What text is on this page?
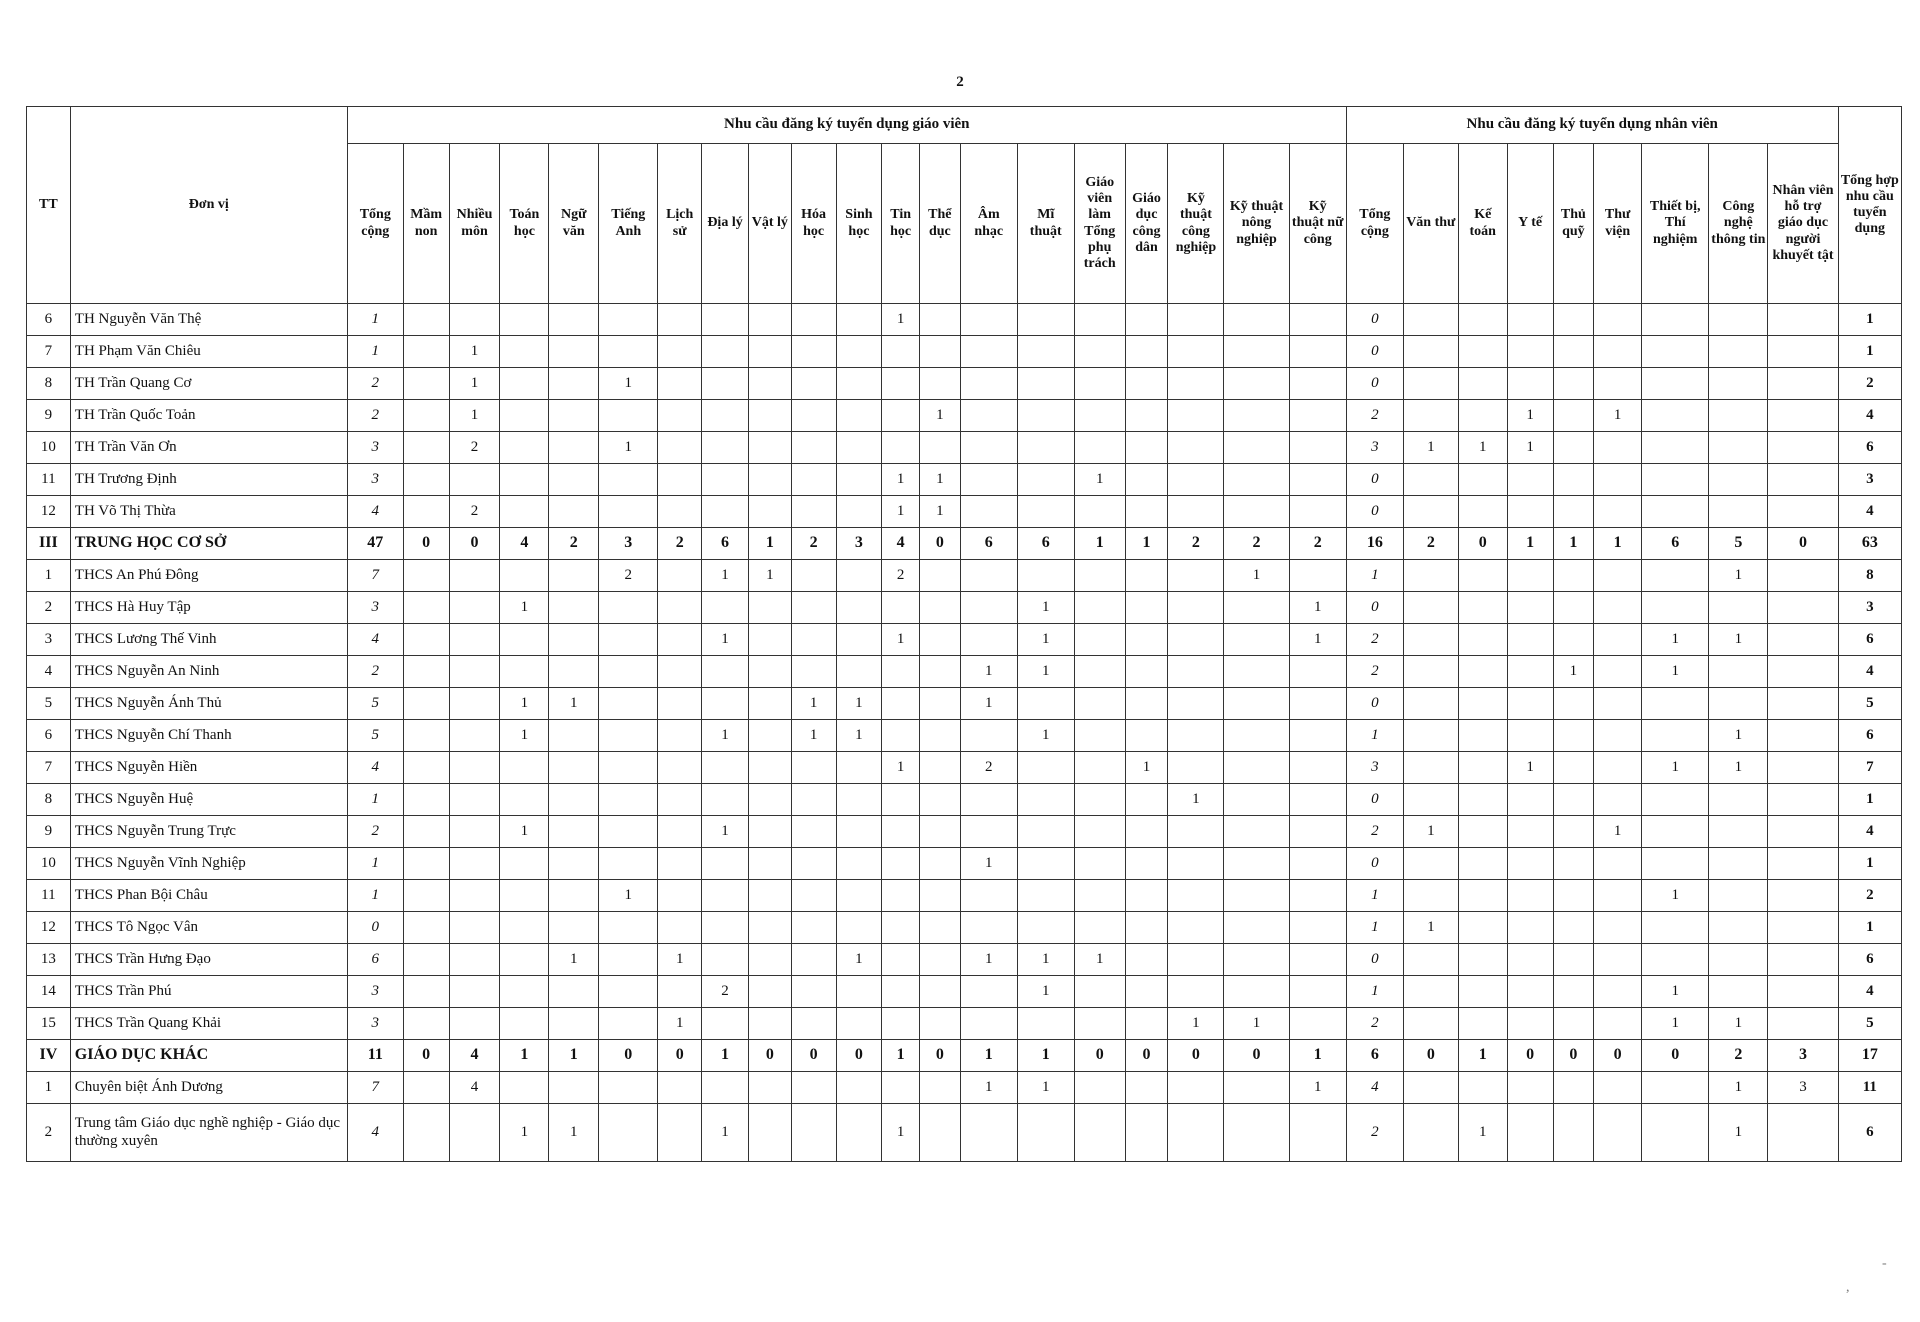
2
TT	Đơn vị	Nhu cầu đăng ký tuyển dụng giáo viên																				Nhu cầu đăng ký tuyển dụng nhân viên									Tổng hợp nhu cầu tuyển dụng
		Tổng cộng	Mầm non	Nhiều môn	Toán học	Ngữ văn	Tiếng Anh	Lịch sử	Địa lý	Vật lý	Hóa học	Sinh học	Tin học	Thể dục	Âm nhạc	Mĩ thuật	Giáo viên làm Tổng phụ trách	Giáo dục công dân	Kỹ thuật công nghiệp	Kỹ thuật nông nghiệp	Kỹ thuật nữ công	Tổng cộng	Văn thư	Kế toán	Y tế	Thủ quỹ	Thư viện	Thiết bị, Thí nghiệm	Công nghệ thông tin	Nhân viên hỗ trợ giáo dục người khuyết tật	
6	TH Nguyễn Văn Thệ	1											1									0									1
7	TH Phạm Văn Chiêu	1		1																		0									1
8	TH Trần Quang Cơ	2		1			1															0									2
9	TH Trần Quốc Toản	2		1										1								2			1		1				4
10	TH Trần Văn Ơn	3		2			1															3	1	1	1						6
11	TH Trương Định	3											1	1			1					0									3
12	TH Võ Thị Thừa	4		2									1	1								0									4
III	TRUNG HỌC CƠ SỞ	47	0	0	4	2	3	2	6	1	2	3	4	0	6	6	1	1	2	2	2	16	2	0	1	1	1	6	5	0	63
1	THCS An Phú Đông	7					2		1	1			2							1		1							1		8
2	THCS Hà Huy Tập	3			1											1					1	0									3
3	THCS Lương Thế Vinh	4							1				1			1					1	2						1	1		6
4	THCS Nguyễn An Ninh	2													1	1						2				1		1			4
5	THCS Nguyễn Ánh Thủ	5			1	1					1	1			1							0									5
6	THCS Nguyễn Chí Thanh	5			1				1		1	1				1						1							1		6
7	THCS Nguyễn Hiền	4											1		2			1				3			1			1	1		7
8	THCS Nguyễn Huệ	1																	1			0									1
9	THCS Nguyễn Trung Trực	2			1				1													2	1				1				4
10	THCS Nguyễn Vĩnh Nghiệp	1													1							0									1
11	THCS Phan Bội Châu	1					1															1						1			2
12	THCS Tô Ngọc Vân	0																				1	1								1
13	THCS Trần Hưng Đạo	6				1		1				1			1	1	1					0									6
14	THCS Trần Phú	3							2							1						1						1			4
15	THCS Trần Quang Khải	3						1											1	1		2						1	1		5
IV	GIÁO DỤC KHÁC	11	0	4	1	1	0	0	1	0	0	0	1	0	1	1	0	0	0	0	1	6	0	1	0	0	0	0	2	3	17
1	Chuyên biệt Ánh Dương	7		4											1	1					1	4							1	3	11
2	Trung tâm Giáo dục nghề nghiệp - Giáo dục thường xuyên	4			1	1			1				1									2		1					1		6
-
,
